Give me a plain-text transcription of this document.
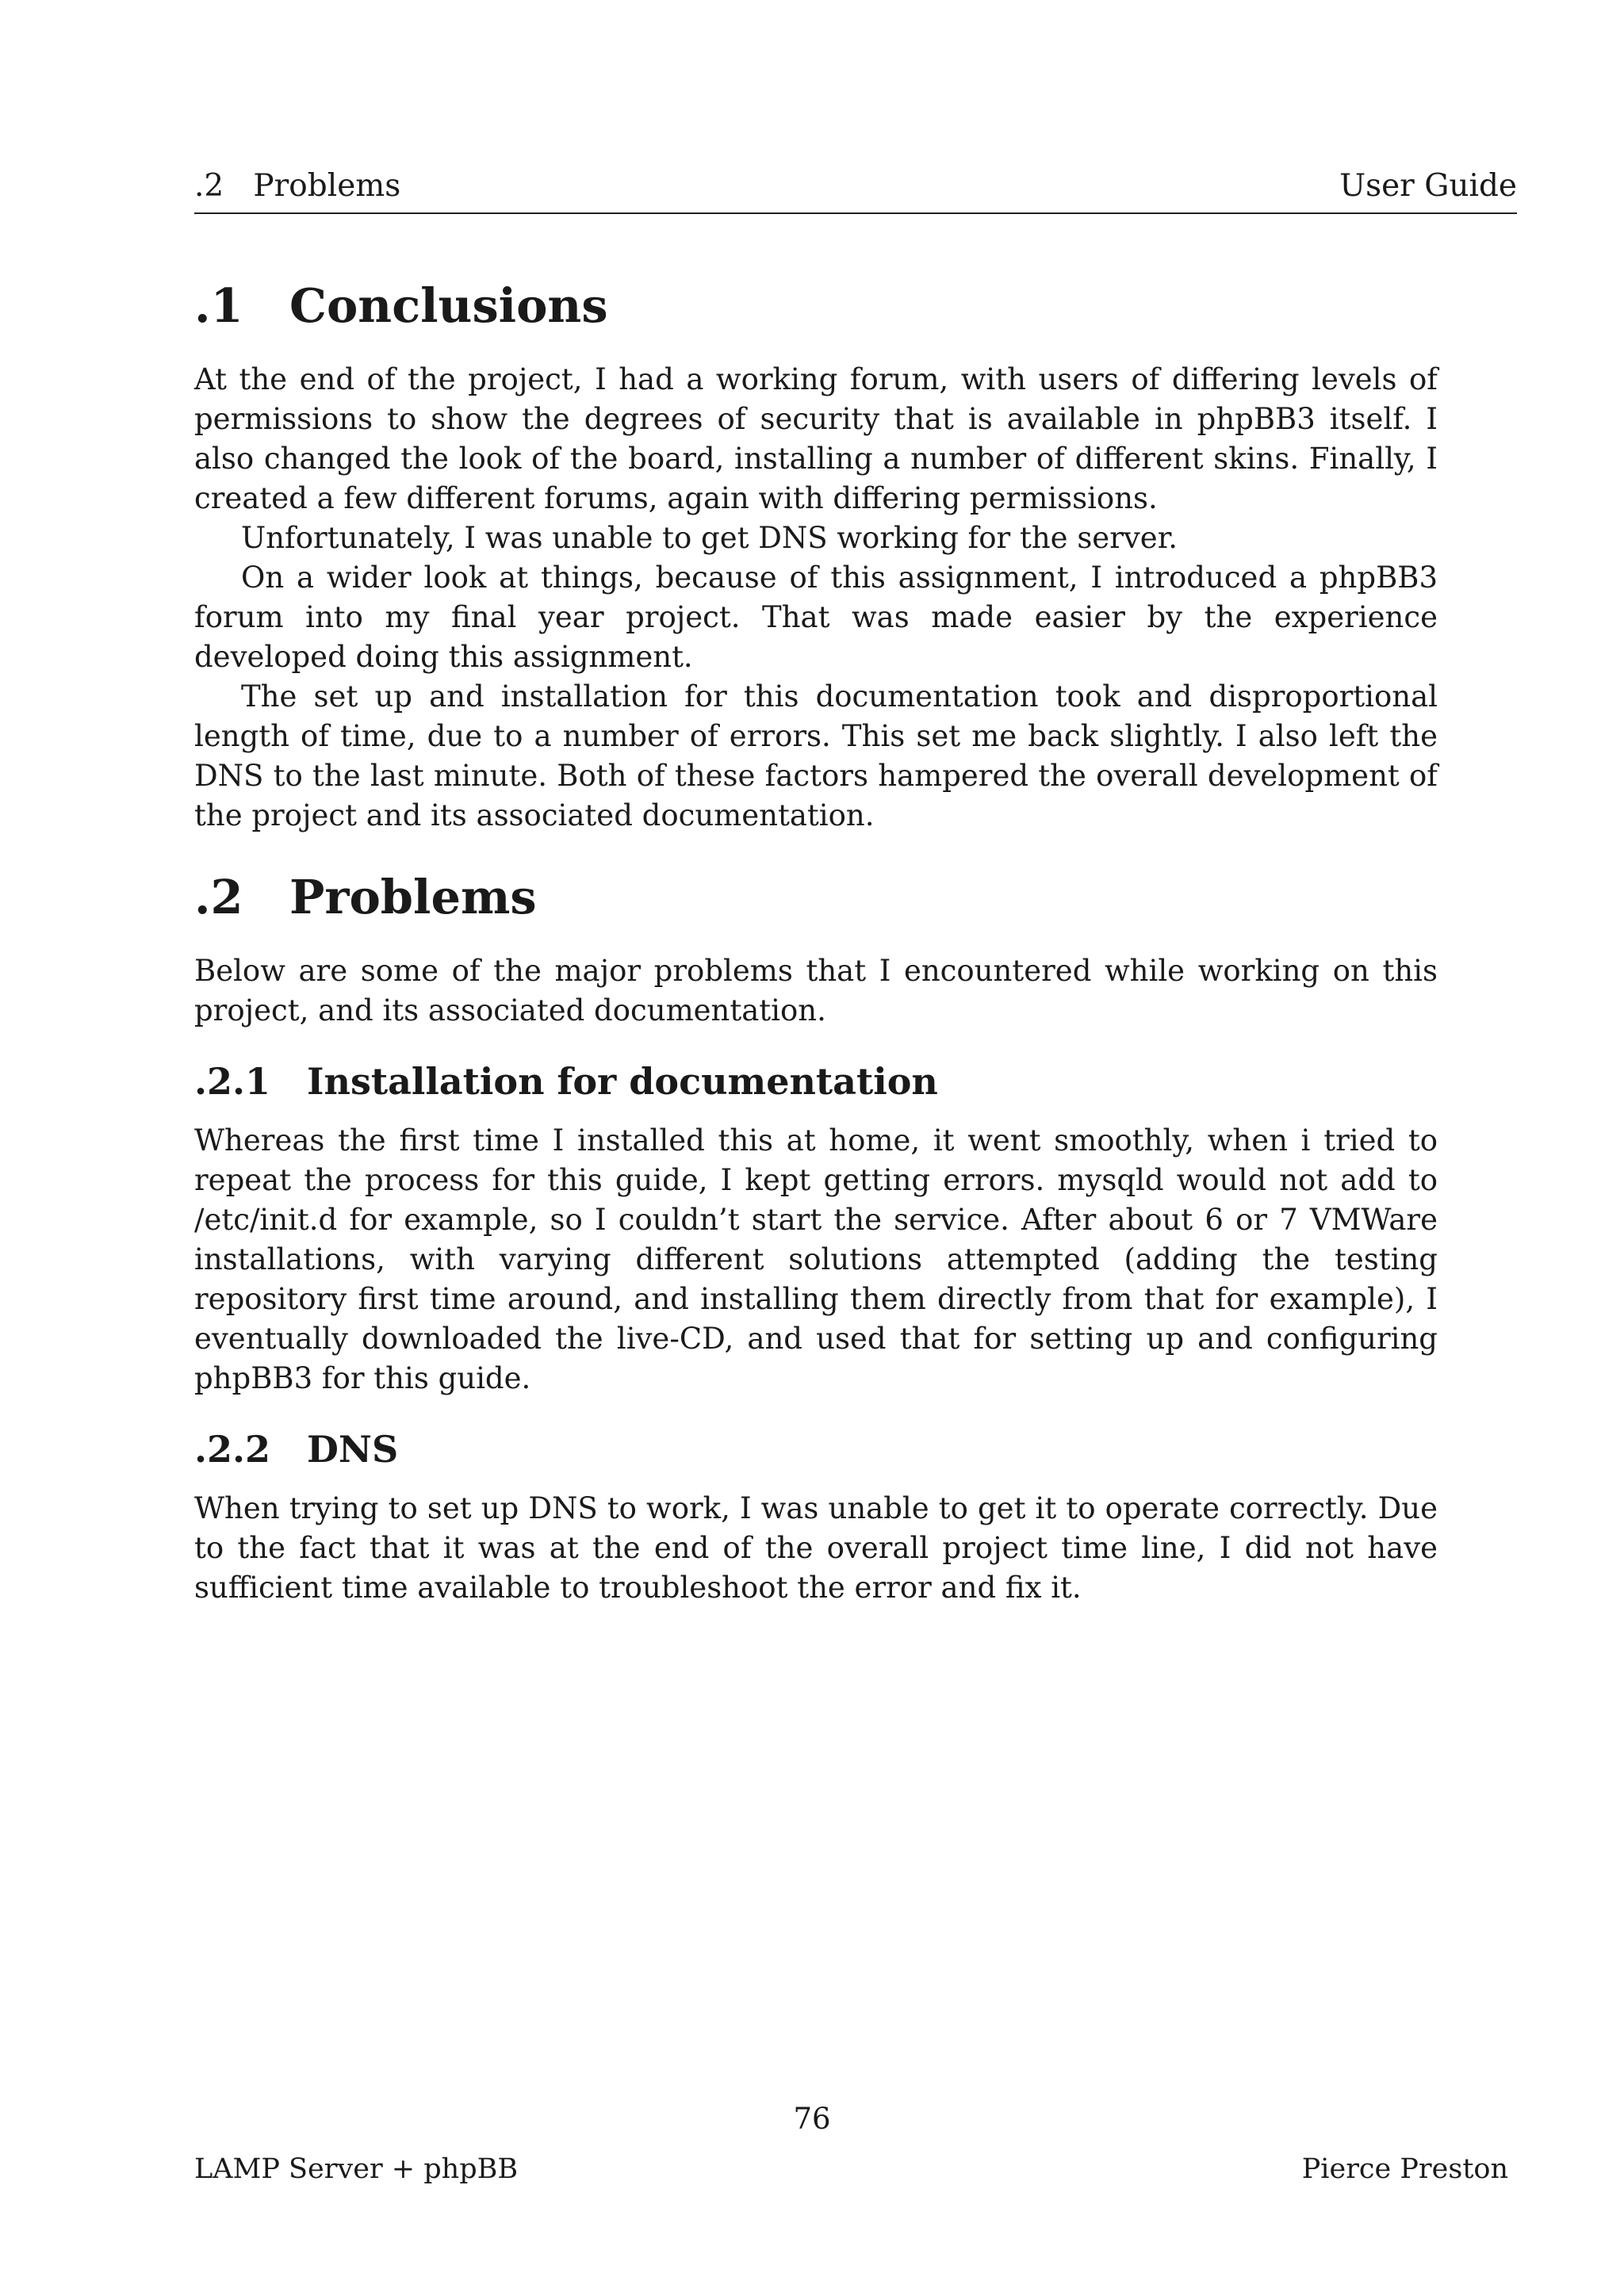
.2   Problems	User Guide
.1 Conclusions

At the end of the project, I had a working forum, with users of differing levels of permissions to show the degrees of security that is available in phpBB3 itself. I also changed the look of the board, installing a number of different skins. Finally, I created a few different forums, again with differing permissions.

Unfortunately, I was unable to get DNS working for the server.

On a wider look at things, because of this assignment, I introduced a phpBB3 forum into my final year project. That was made easier by the experience developed doing this assignment.

The set up and installation for this documentation took and disproportional length of time, due to a number of errors. This set me back slightly. I also left the DNS to the last minute. Both of these factors hampered the overall development of the project and its associated documentation.

.2 Problems

Below are some of the major problems that I encountered while working on this project, and its associated documentation.

.2.1 Installation for documentation

Whereas the first time I installed this at home, it went smoothly, when i tried to repeat the process for this guide, I kept getting errors. mysqld would not add to /etc/init.d for example, so I couldn’t start the service. After about 6 or 7 VMWare installations, with varying different solutions attempted (adding the testing repository first time around, and installing them directly from that for example), I eventually downloaded the live-CD, and used that for setting up and configuring phpBB3 for this guide.

.2.2 DNS

When trying to set up DNS to work, I was unable to get it to operate correctly. Due to the fact that it was at the end of the overall project time line, I did not have sufficient time available to troubleshoot the error and fix it.

76
LAMP Server + phpBB	Pierce Preston
